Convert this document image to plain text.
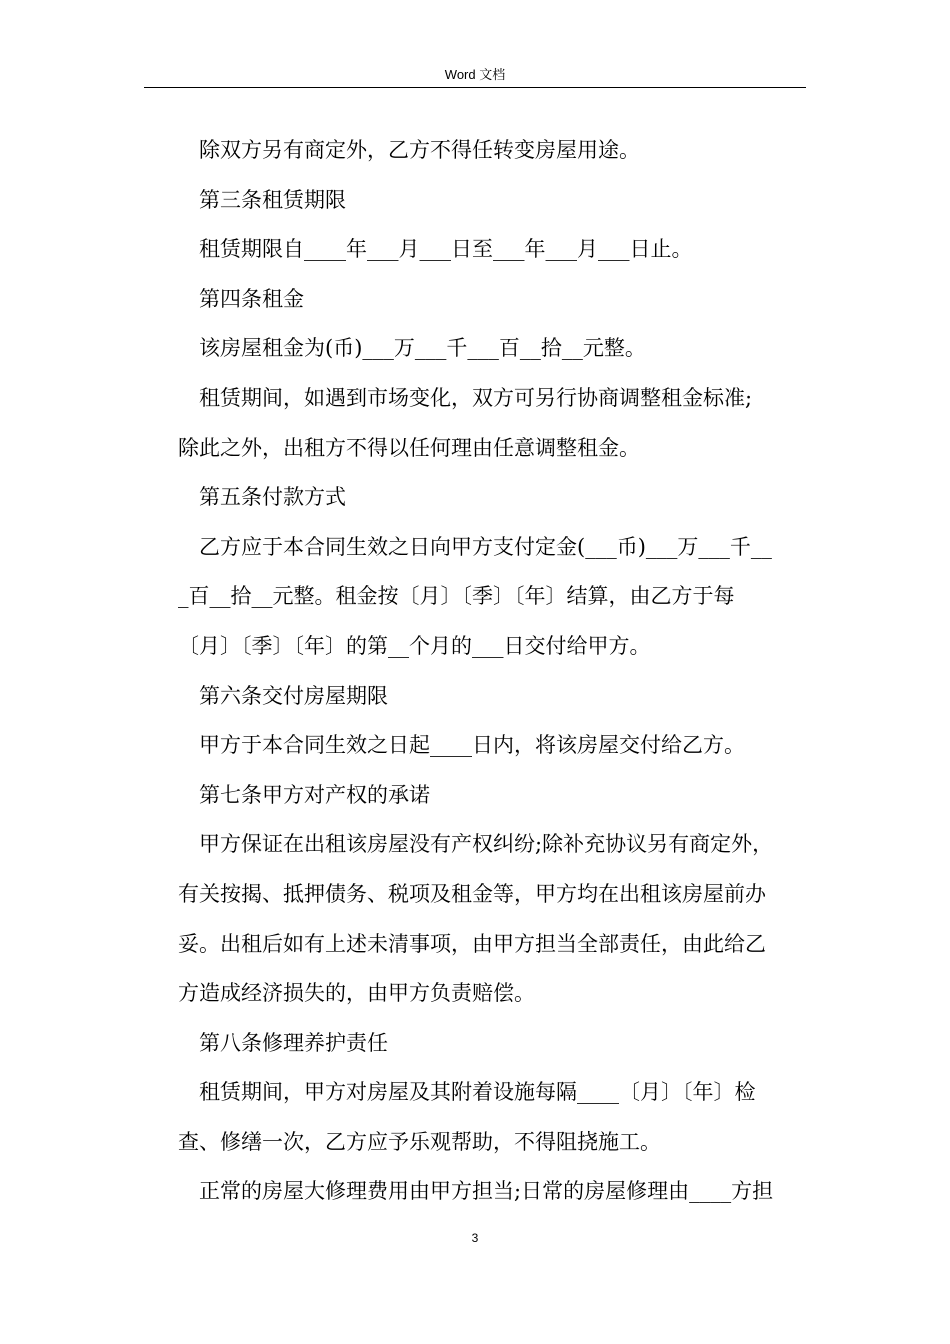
Word 文档
除双方另有商定外，乙方不得任转变房屋用途。
第三条租赁期限
租赁期限自____年___月___日至___年___月___日止。
第四条租金
该房屋租金为(币)___万___千___百__拾__元整。
租赁期间，如遇到市场变化，双方可另行协商调整租金标准;
除此之外，出租方不得以任何理由任意调整租金。
第五条付款方式
乙方应于本合同生效之日向甲方支付定金(___币)___万___千__
_百__拾__元整。租金按〔月〕〔季〕〔年〕结算，由乙方于每
〔月〕〔季〕〔年〕的第__个月的___日交付给甲方。
第六条交付房屋期限
甲方于本合同生效之日起____日内，将该房屋交付给乙方。
第七条甲方对产权的承诺
甲方保证在出租该房屋没有产权纠纷;除补充协议另有商定外，
有关按揭、抵押债务、税项及租金等，甲方均在出租该房屋前办
妥。出租后如有上述未清事项，由甲方担当全部责任，由此给乙
方造成经济损失的，由甲方负责赔偿。
第八条修理养护责任
租赁期间，甲方对房屋及其附着设施每隔____〔月〕〔年〕检
查、修缮一次，乙方应予乐观帮助，不得阻挠施工。
正常的房屋大修理费用由甲方担当;日常的房屋修理由____方担
3
